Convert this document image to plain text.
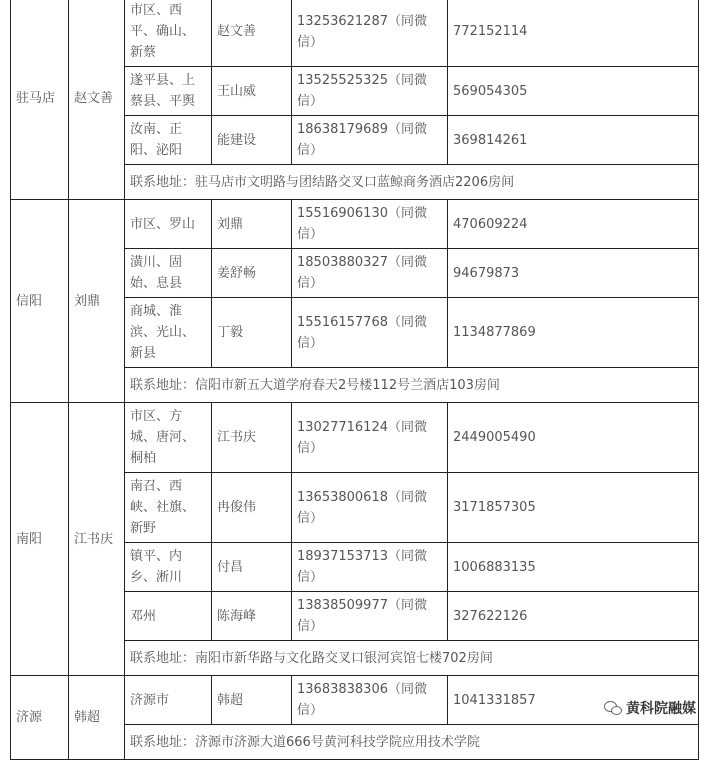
驻马店	赵文善	市区、西平、确山、新蔡	赵文善	13253621287（同微信）	772152114
		遂平县、上蔡县、平舆	王山威	13525525325（同微信）	569054305
		汝南、正阳、泌阳	能建设	18638179689（同微信）	369814261
		联系地址：驻马店市文明路与团结路交叉口蓝鲸商务酒店2206房间			
信阳	刘鼎	市区、罗山	刘鼎	15516906130（同微信）	470609224
		潢川、固始、息县	姜舒畅	18503880327（同微信）	94679873
		商城、淮滨、光山、新县	丁毅	15516157768（同微信）	1134877869
		联系地址：信阳市新五大道学府春天2号楼112号兰酒店103房间			
南阳	江书庆	市区、方城、唐河、桐柏	江书庆	13027716124（同微信）	2449005490
		南召、西峡、社旗、新野	冉俊伟	13653800618（同微信）	3171857305
		镇平、内乡、淅川	付昌	18937153713（同微信）	1006883135
		邓州	陈海峰	13838509977（同微信）	327622126
		联系地址：南阳市新华路与文化路交叉口银河宾馆七楼702房间			
济源	韩超	济源市	韩超	13683838306（同微信）	1041331857
		联系地址：济源市济源大道666号黄河科技学院应用技术学院			
黄科院融媒
